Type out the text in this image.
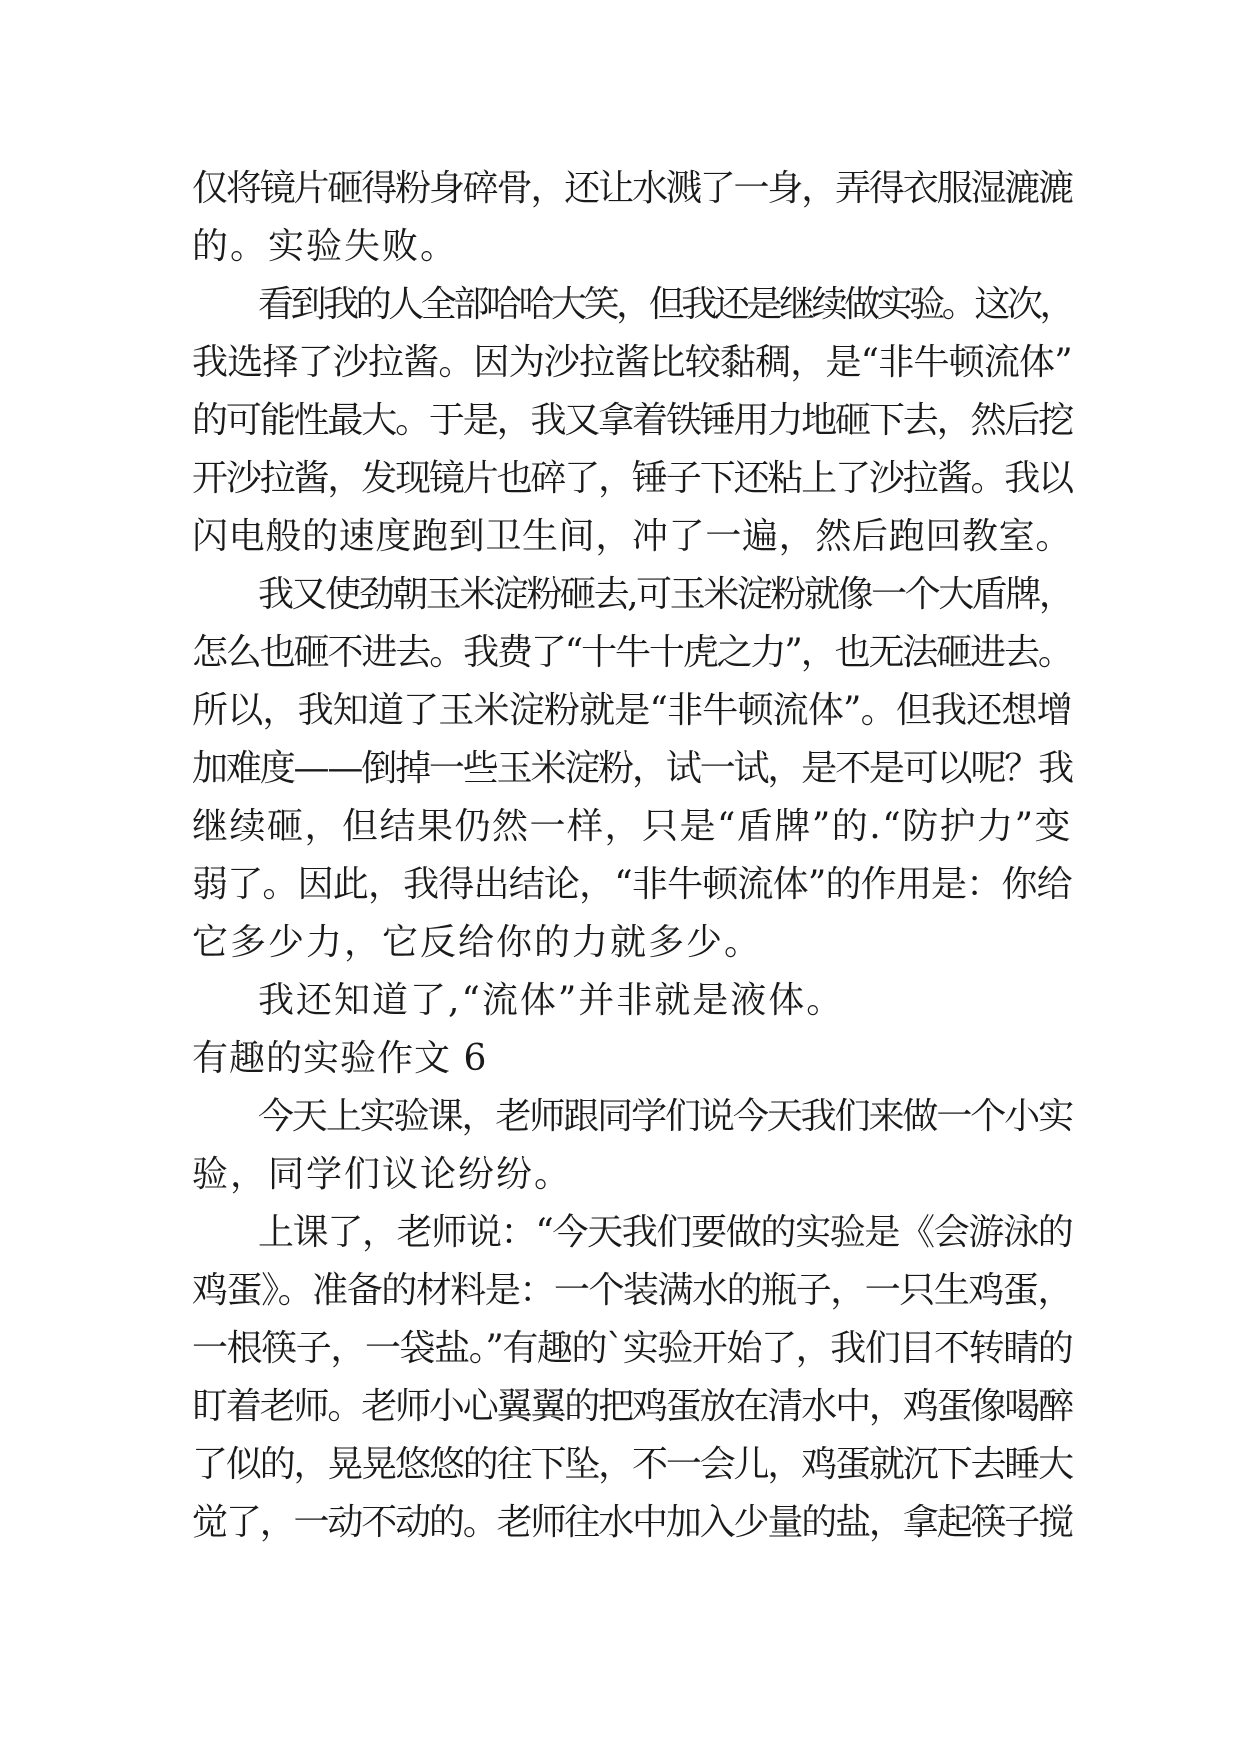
仅将镜片砸得粉身碎骨，还让水溅了一身，弄得衣服湿漉漉
的。实验失败。
看到我的人全部哈哈大笑，但我还是继续做实验。这次，
我选择了沙拉酱。因为沙拉酱比较黏稠，是“非牛顿流体”
的可能性最大。于是，我又拿着铁锤用力地砸下去，然后挖
开沙拉酱，发现镜片也碎了，锤子下还粘上了沙拉酱。我以
闪电般的速度跑到卫生间，冲了一遍，然后跑回教室。
我又使劲朝玉米淀粉砸去,可玉米淀粉就像一个大盾牌，
怎么也砸不进去。我费了“十牛十虎之力”，也无法砸进去。
所以，我知道了玉米淀粉就是“非牛顿流体”。但我还想增
加难度——倒掉一些玉米淀粉，试一试，是不是可以呢？我
继续砸，但结果仍然一样，只是“盾牌”的.“防护力”变
弱了。因此，我得出结论，“非牛顿流体”的作用是：你给
它多少力，它反给你的力就多少。
我还知道了,“流体”并非就是液体。
有趣的实验作文 6
今天上实验课，老师跟同学们说今天我们来做一个小实
验，同学们议论纷纷。
上课了，老师说：“今天我们要做的实验是《会游泳的
鸡蛋》。准备的材料是：一个装满水的瓶子，一只生鸡蛋，
一根筷子，一袋盐。”有趣的`实验开始了，我们目不转睛的
盯着老师。老师小心翼翼的把鸡蛋放在清水中，鸡蛋像喝醉
了似的，晃晃悠悠的往下坠，不一会儿，鸡蛋就沉下去睡大
觉了，一动不动的。老师往水中加入少量的盐，拿起筷子搅
